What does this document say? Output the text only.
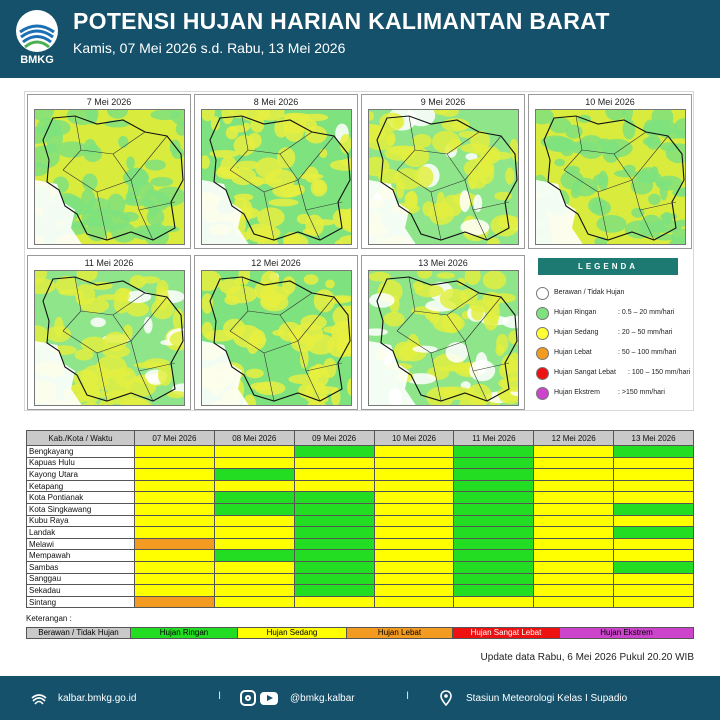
BMKG
POTENSI HUJAN HARIAN KALIMANTAN BARAT
Kamis, 07 Mei 2026 s.d. Rabu, 13 Mei 2026
7 Mei 2026	8 Mei 2026	9 Mei 2026	10 Mei 2026
11 Mei 2026	12 Mei 2026	13 Mei 2026	LEGENDA
Berawan / Tidak Hujan
Hujan Ringan	: 0.5 – 20 mm/hari
Hujan Sedang	: 20 – 50 mm/hari
Hujan Lebat	: 50 – 100 mm/hari
Hujan Sangat Lebat : 100 – 150 mm/hari
Hujan Ekstrem	: >150 mm/hari
Kab./Kota / Waktu	07 Mei 2026	08 Mei 2026	09 Mei 2026	10 Mei 2026	11 Mei 2026	12 Mei 2026	13 Mei 2026
Bengkayang							
Kapuas Hulu							
Kayong Utara							
Ketapang							
Kota Pontianak							
Kota Singkawang							
Kubu Raya							
Landak							
Melawi							
Mempawah							
Sambas							
Sanggau							
Sekadau							
Sintang							
Keterangan :
Berawan / Tidak Hujan	Hujan Ringan	Hujan Sedang	Hujan Lebat	Hujan Sangat Lebat	Hujan Ekstrem
Update data Rabu, 6 Mei 2026 Pukul 20.20 WIB
kalbar.bmkg.go.id	I	@bmkg.kalbar	I	Stasiun Meteorologi Kelas I Supadio
